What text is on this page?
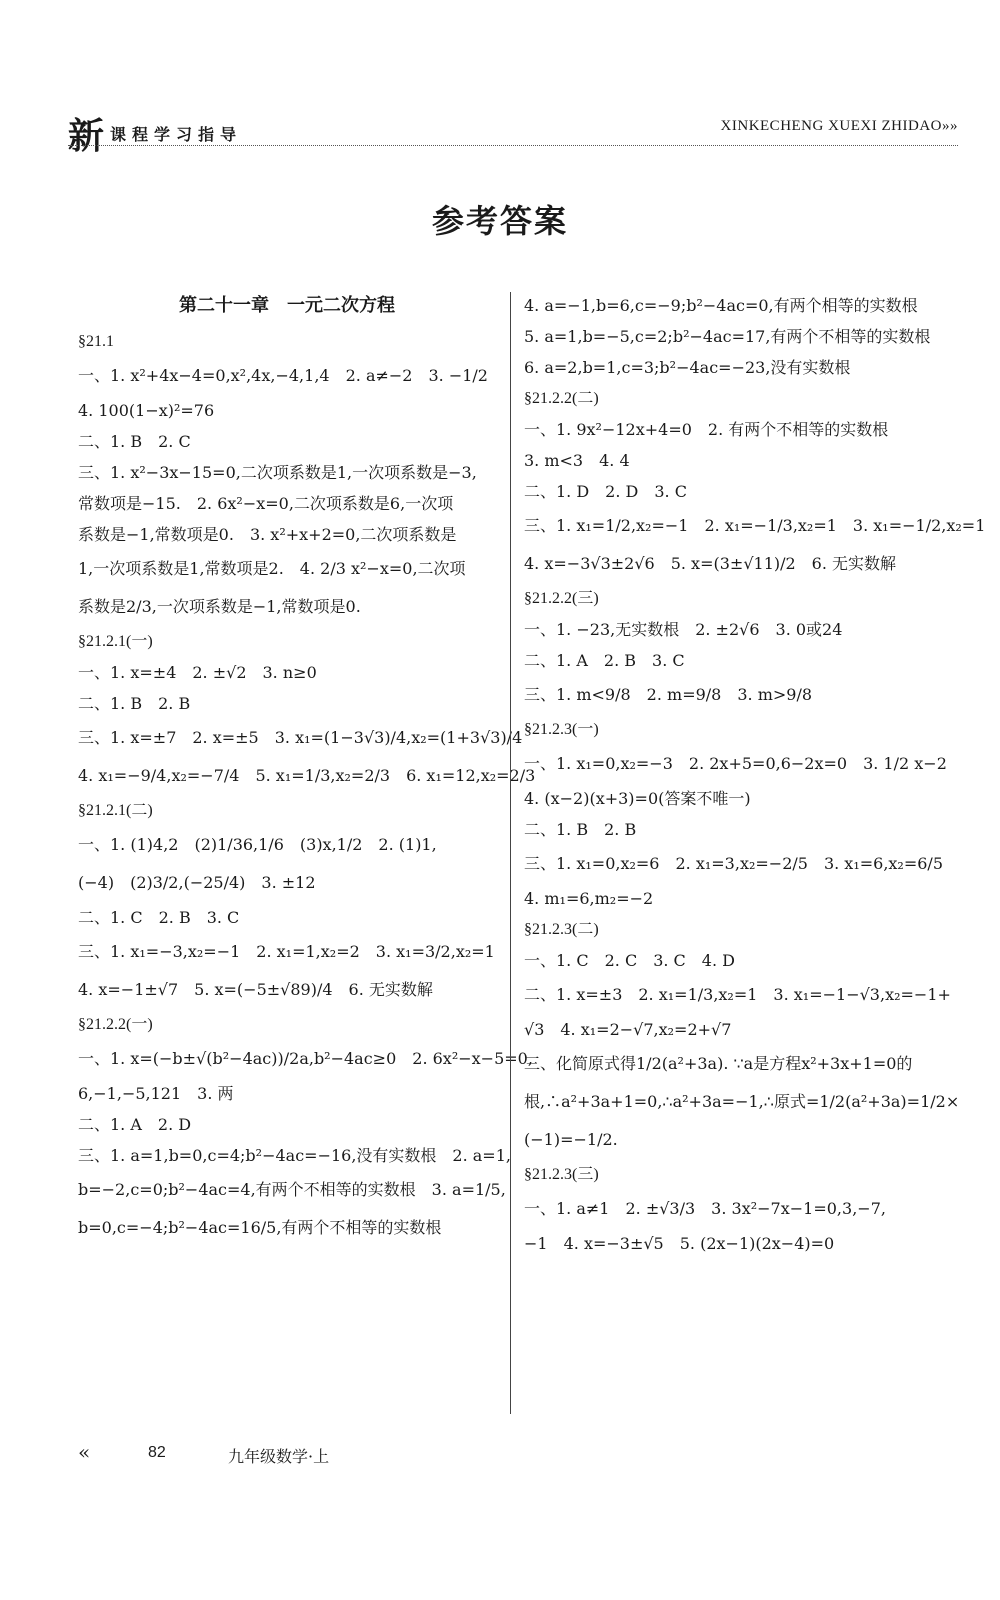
新课程学习指导	XINKECHENG XUEXI ZHIDAO»»
参考答案
第二十一章　一元二次方程
§21.1
一、1. x²+4x−4=0,x²,4x,−4,1,4　2. a≠−2　3. −1/2
4. 100(1−x)²=76
二、1. B　2. C
三、1. x²−3x−15=0,二次项系数是1,一次项系数是−3,
常数项是−15.　2. 6x²−x=0,二次项系数是6,一次项
系数是−1,常数项是0.　3. x²+x+2=0,二次项系数是
1,一次项系数是1,常数项是2.　4. 2/3 x²−x=0,二次项
系数是2/3,一次项系数是−1,常数项是0.
§21.2.1(一)
一、1. x=±4　2. ±√2　3. n≥0
二、1. B　2. B
三、1. x=±7　2. x=±5　3. x₁=(1−3√3)/4,x₂=(1+3√3)/4
4. x₁=−9/4,x₂=−7/4　5. x₁=1/3,x₂=2/3　6. x₁=12,x₂=2/3
§21.2.1(二)
一、1. (1)4,2　(2)1/36,1/6　(3)x,1/2　2. (1)1,
(−4)　(2)3/2,(−25/4)　3. ±12
二、1. C　2. B　3. C
三、1. x₁=−3,x₂=−1　2. x₁=1,x₂=2　3. x₁=3/2,x₂=1
4. x=−1±√7　5. x=(−5±√89)/4　6. 无实数解
§21.2.2(一)
一、1. x=(−b±√(b²−4ac))/2a,b²−4ac≥0　2. 6x²−x−5=0,
6,−1,−5,121　3. 两
二、1. A　2. D
三、1. a=1,b=0,c=4;b²−4ac=−16,没有实数根　2. a=1,
b=−2,c=0;b²−4ac=4,有两个不相等的实数根　3. a=1/5,
b=0,c=−4;b²−4ac=16/5,有两个不相等的实数根
4. a=−1,b=6,c=−9;b²−4ac=0,有两个相等的实数根
5. a=1,b=−5,c=2;b²−4ac=17,有两个不相等的实数根
6. a=2,b=1,c=3;b²−4ac=−23,没有实数根
§21.2.2(二)
一、1. 9x²−12x+4=0　2. 有两个不相等的实数根
3. m<3　4. 4
二、1. D　2. D　3. C
三、1. x₁=1/2,x₂=−1　2. x₁=−1/3,x₂=1　3. x₁=−1/2,x₂=1
4. x=−3√3±2√6　5. x=(3±√11)/2　6. 无实数解
§21.2.2(三)
一、1. −23,无实数根　2. ±2√6　3. 0或24
二、1. A　2. B　3. C
三、1. m<9/8　2. m=9/8　3. m>9/8
§21.2.3(一)
一、1. x₁=0,x₂=−3　2. 2x+5=0,6−2x=0　3. 1/2 x−2
4. (x−2)(x+3)=0(答案不唯一)
二、1. B　2. B
三、1. x₁=0,x₂=6　2. x₁=3,x₂=−2/5　3. x₁=6,x₂=6/5
4. m₁=6,m₂=−2
§21.2.3(二)
一、1. C　2. C　3. C　4. D
二、1. x=±3　2. x₁=1/3,x₂=1　3. x₁=−1−√3,x₂=−1+
√3　4. x₁=2−√7,x₂=2+√7
三、化简原式得1/2(a²+3a). ∵a是方程x²+3x+1=0的
根,∴a²+3a+1=0,∴a²+3a=−1,∴原式=1/2(a²+3a)=1/2×
(−1)=−1/2.
§21.2.3(三)
一、1. a≠1　2. ±√3/3　3. 3x²−7x−1=0,3,−7,
−1　4. x=−3±√5　5. (2x−1)(2x−4)=0
«	82	九年级数学·上
